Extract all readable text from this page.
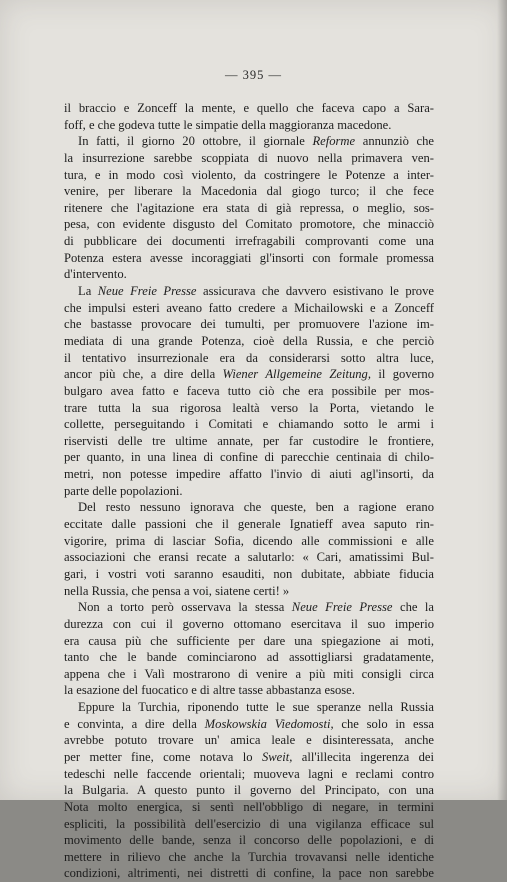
— 395 —
il braccio e Zonceff la mente, e quello che faceva capo a Sara-
foff, e che godeva tutte le simpatie della maggioranza macedone.
In fatti, il giorno 20 ottobre, il giornale Reforme annunziò che
la insurrezione sarebbe scoppiata di nuovo nella primavera ven-
tura, e in modo così violento, da costringere le Potenze a inter-
venire, per liberare la Macedonia dal giogo turco; il che fece
ritenere che l'agitazione era stata di già repressa, o meglio, sos-
pesa, con evidente disgusto del Comitato promotore, che minacciò
di pubblicare dei documenti irrefragabili comprovanti come una
Potenza estera avesse incoraggiati gl'insorti con formale promessa
d'intervento.
La Neue Freie Presse assicurava che davvero esistivano le prove
che impulsi esteri aveano fatto credere a Michailowski e a Zonceff
che bastasse provocare dei tumulti, per promuovere l'azione im-
mediata di una grande Potenza, cioè della Russia, e che perciò
il tentativo insurrezionale era da considerarsi sotto altra luce,
ancor più che, a dire della Wiener Allgemeine Zeitung, il governo
bulgaro avea fatto e faceva tutto ciò che era possibile per mos-
trare tutta la sua rigorosa lealtà verso la Porta, vietando le
collette, perseguitando i Comitati e chiamando sotto le armi i
riservisti delle tre ultime annate, per far custodire le frontiere,
per quanto, in una linea di confine di parecchie centinaia di chilo-
metri, non potesse impedire affatto l'invio di aiuti agl'insorti, da
parte delle popolazioni.
Del resto nessuno ignorava che queste, ben a ragione erano
eccitate dalle passioni che il generale Ignatieff avea saputo rin-
vigorire, prima di lasciar Sofia, dicendo alle commissioni e alle
associazioni che eransi recate a salutarlo: « Cari, amatissimi Bul-
gari, i vostri voti saranno esauditi, non dubitate, abbiate fiducia
nella Russia, che pensa a voi, siatene certi! »
Non a torto però osservava la stessa Neue Freie Presse che la
durezza con cui il governo ottomano esercitava il suo imperio
era causa più che sufficiente per dare una spiegazione ai moti,
tanto che le bande cominciarono ad assottigliarsi gradatamente,
appena che i Valì mostrarono di venire a più miti consigli circa
la esazione del fuocatico e di altre tasse abbastanza esose.
Eppure la Turchia, riponendo tutte le sue speranze nella Russia
e convinta, a dire della Moskowskia Viedomosti, che solo in essa
avrebbe potuto trovare un' amica leale e disinteressata, anche
per metter fine, come notava lo Sweit, all'illecita ingerenza dei
tedeschi nelle faccende orientali; muoveva lagni e reclami contro
la Bulgaria. A questo punto il governo del Principato, con una
Nota molto energica, si sentì nell'obbligo di negare, in termini
espliciti, la possibilità dell'esercizio di una vigilanza efficace sul
movimento delle bande, senza il concorso delle popolazioni, e di
mettere in rilievo che anche la Turchia trovavansi nelle identiche
condizioni, altrimenti, nei distretti di confine, la pace non sarebbe
